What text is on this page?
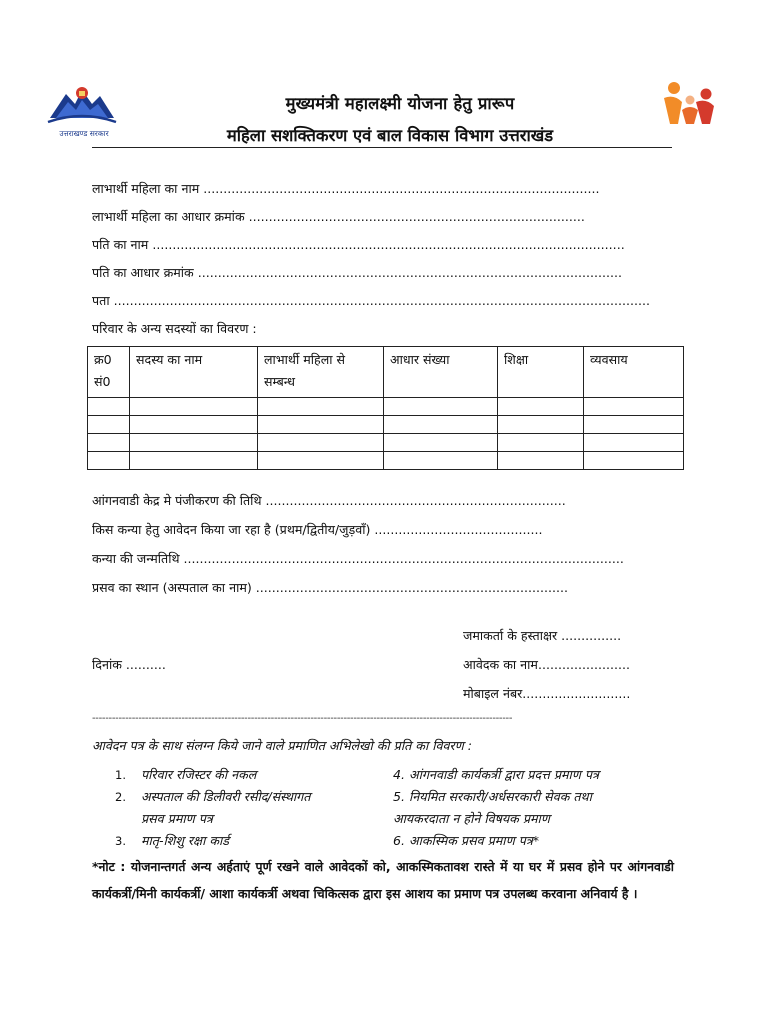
उत्तराखण्ड सरकार
मुख्यमंत्री महालक्ष्मी योजना हेतु प्रारूप
महिला सशक्तिकरण एवं बाल विकास विभाग उत्तराखंड
लाभार्थी महिला का नाम ...................................................................................................
लाभार्थी महिला का आधार क्रमांक ....................................................................................
पति का नाम ......................................................................................................................
पति का आधार क्रमांक ..........................................................................................................
पता ......................................................................................................................................
परिवार के अन्य सदस्यों का विवरण :
क्र0 सं0	सदस्य का नाम	लाभार्थी महिला से सम्बन्ध	आधार संख्या	शिक्षा	व्यवसाय

आंगनवाडी केद्र मे पंजीकरण की तिथि ...........................................................................
किस कन्या हेतु आवेदन किया जा रहा है (प्रथम/द्वितीय/जुड़वाँ) ..........................................
कन्या की जन्मतिथि ..............................................................................................................
प्रसव का स्थान (अस्पताल का नाम) ..............................................................................
जमाकर्ता के हस्ताक्षर ...............
दिनांक ..........	आवेदक का नाम.......................
मोबाइल नंबर...........................
-------------------------------------------------------------------------------------------------------------------------------
आवेदन पत्र के साथ संलग्न किये जाने वाले प्रमाणित अभिलेखो की प्रति का विवरण :
1. परिवार रजिस्टर की नकल
2. अस्पताल की डिलीवरी रसीद/संस्थागत
प्रसव प्रमाण पत्र
3. मातृ-शिशु रक्षा कार्ड
4. आंगनवाडी कार्यकर्त्री द्वारा प्रदत्त प्रमाण पत्र
5. नियमित सरकारी/अर्धसरकारी सेवक तथा
आयकरदाता न होने विषयक प्रमाण
6. आकस्मिक प्रसव प्रमाण पत्र*
*नोट : योजनान्तगर्त अन्य अर्हताएं पूर्ण रखने वाले आवेदकों को, आकस्मिकतावश रास्ते में या घर में प्रसव होने पर आंगनवाडी कार्यकर्त्री/मिनी कार्यकर्त्री/ आशा कार्यकर्त्री अथवा चिकित्सक द्वारा इस आशय का प्रमाण पत्र उपलब्ध करवाना अनिवार्य है ।
